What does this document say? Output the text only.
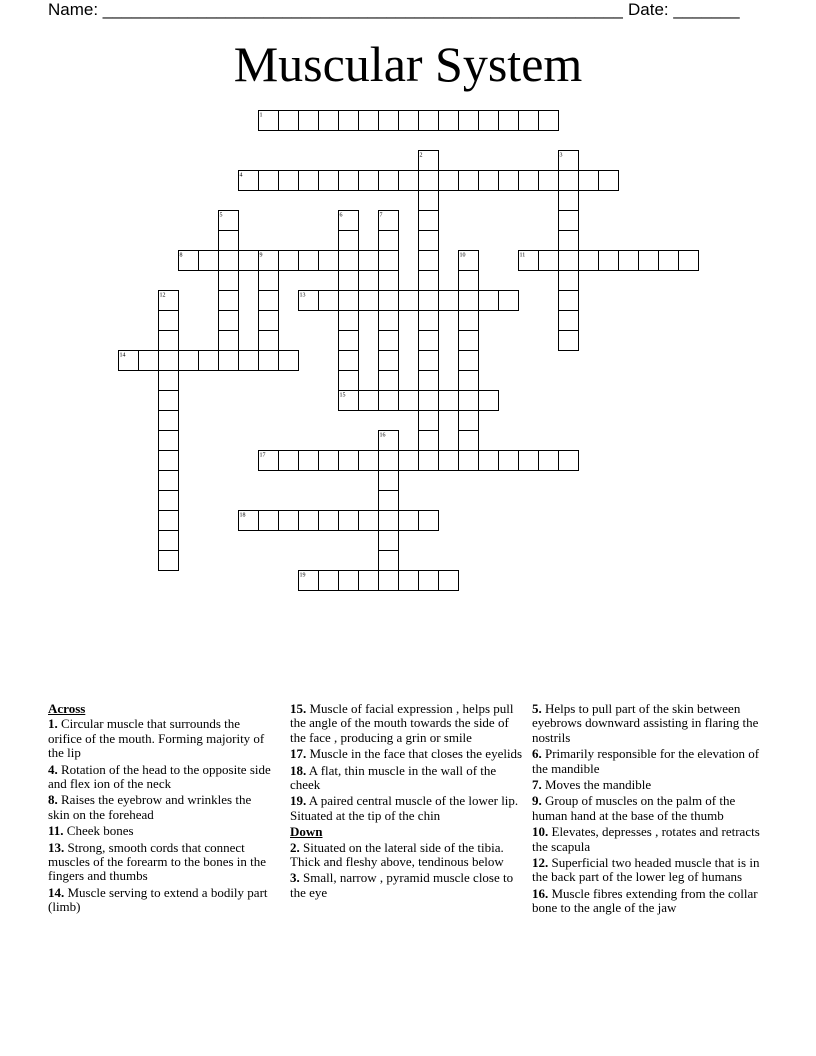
Name: _______________________________________________________ Date: _______
Muscular System
1
2	3
4
5	6	7
8	9	10	11
12	13
14
15
16
17
18
19
Across
1. Circular muscle that surrounds the orifice of the mouth. Forming majority of the lip
4. Rotation of the head to the opposite side and flex ion of the neck
8. Raises the eyebrow and wrinkles the skin on the forehead
11. Cheek bones
13. Strong, smooth cords that connect muscles of the forearm to the bones in the fingers and thumbs
14. Muscle serving to extend a bodily part (limb)
15. Muscle of facial expression , helps pull the angle of the mouth towards the side of the face , producing a grin or smile
17. Muscle in the face that closes the eyelids
18. A flat, thin muscle in the wall of the cheek
19. A paired central muscle of the lower lip. Situated at the tip of the chin
Down
2. Situated on the lateral side of the tibia. Thick and fleshy above, tendinous below
3. Small, narrow , pyramid muscle close to the eye
5. Helps to pull part of the skin between eyebrows downward assisting in flaring the nostrils
6. Primarily responsible for the elevation of the mandible
7. Moves the mandible
9. Group of muscles on the palm of the human hand at the base of the thumb
10. Elevates, depresses , rotates and retracts the scapula
12. Superficial two headed muscle that is in the back part of the lower leg of humans
16. Muscle fibres extending from the collar bone to the angle of the jaw
